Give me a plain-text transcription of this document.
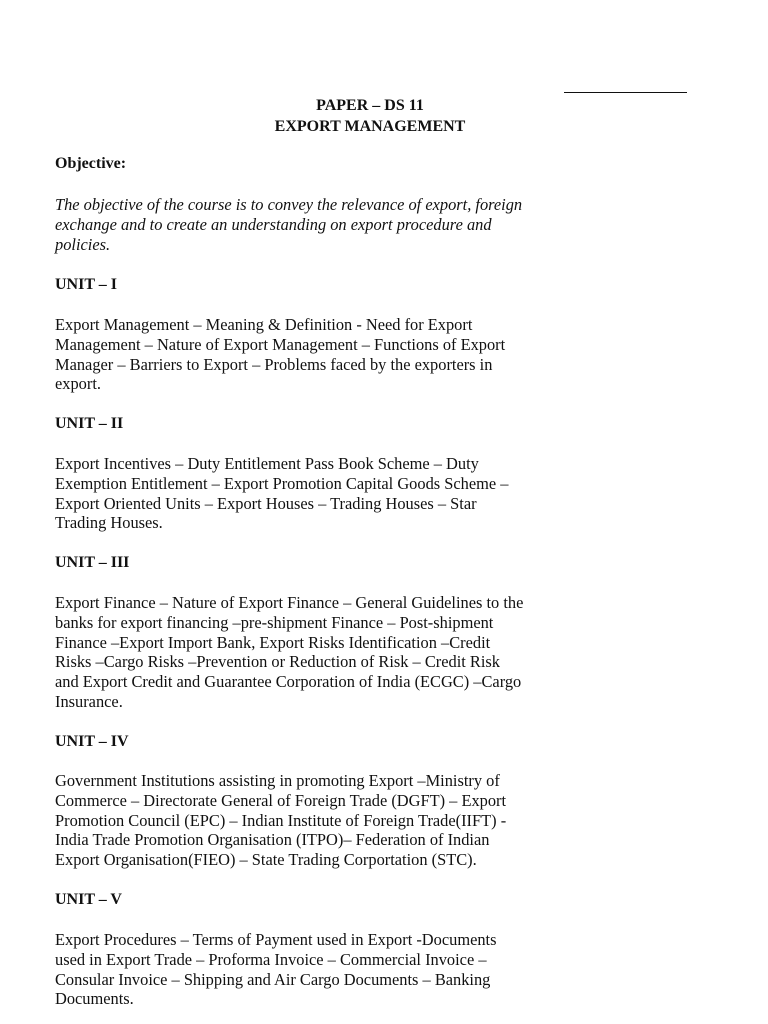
PAPER – DS 11
EXPORT MANAGEMENT
Objective:
The objective of the course is to convey the relevance of export, foreign
exchange and to create an understanding on export procedure and
policies.
UNIT – I
Export Management – Meaning & Definition - Need for Export
Management – Nature of Export Management – Functions of Export
Manager – Barriers to Export – Problems faced by the exporters in
export.
UNIT – II
Export Incentives – Duty Entitlement Pass Book Scheme – Duty
Exemption Entitlement – Export Promotion Capital Goods Scheme –
Export Oriented Units – Export Houses – Trading Houses – Star
Trading Houses.
UNIT – III
Export Finance – Nature of Export Finance – General Guidelines to the
banks for export financing –pre-shipment Finance – Post-shipment
Finance –Export Import Bank, Export Risks Identification –Credit
Risks –Cargo Risks –Prevention or Reduction of Risk – Credit Risk
and Export Credit and Guarantee Corporation of India (ECGC) –Cargo
Insurance.
UNIT – IV
Government Institutions assisting in promoting Export –Ministry of
Commerce – Directorate General of Foreign Trade (DGFT) – Export
Promotion Council (EPC) – Indian Institute of Foreign Trade(IIFT) -
India Trade Promotion Organisation (ITPO)– Federation of Indian
Export Organisation(FIEO) – State Trading Corportation (STC).
UNIT – V
Export Procedures – Terms of Payment used in Export -Documents
used in Export Trade – Proforma Invoice – Commercial Invoice –
Consular Invoice – Shipping and Air Cargo Documents – Banking
Documents.
